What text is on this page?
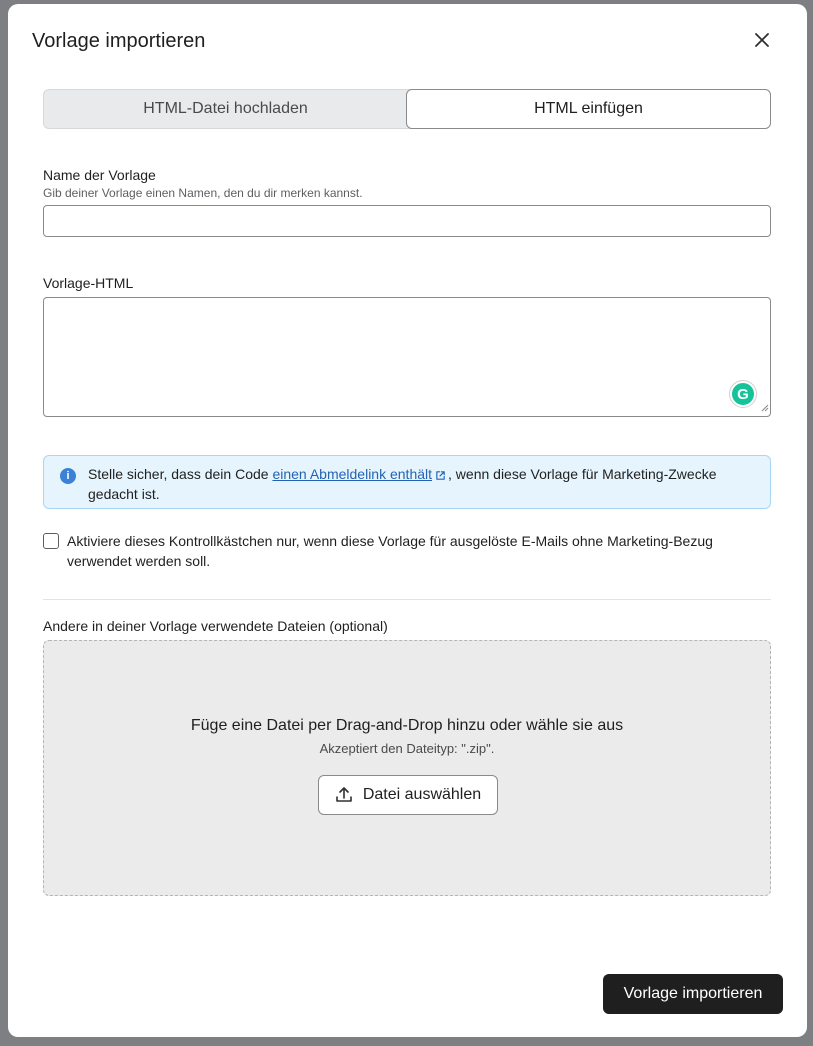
Vorlage importieren
HTML-Datei hochladen	HTML einfügen
Name der Vorlage
Gib deiner Vorlage einen Namen, den du dir merken kannst.
Vorlage-HTML
G
i	Stelle sicher, dass dein Code einen Abmeldelink enthält , wenn diese Vorlage für Marketing-Zwecke gedacht ist.
Aktiviere dieses Kontrollkästchen nur, wenn diese Vorlage für ausgelöste E-Mails ohne Marketing-Bezug verwendet werden soll.
Andere in deiner Vorlage verwendete Dateien (optional)
Füge eine Datei per Drag-and-Drop hinzu oder wähle sie aus
Akzeptiert den Dateityp: ".zip".
Datei auswählen
Vorlage importieren
